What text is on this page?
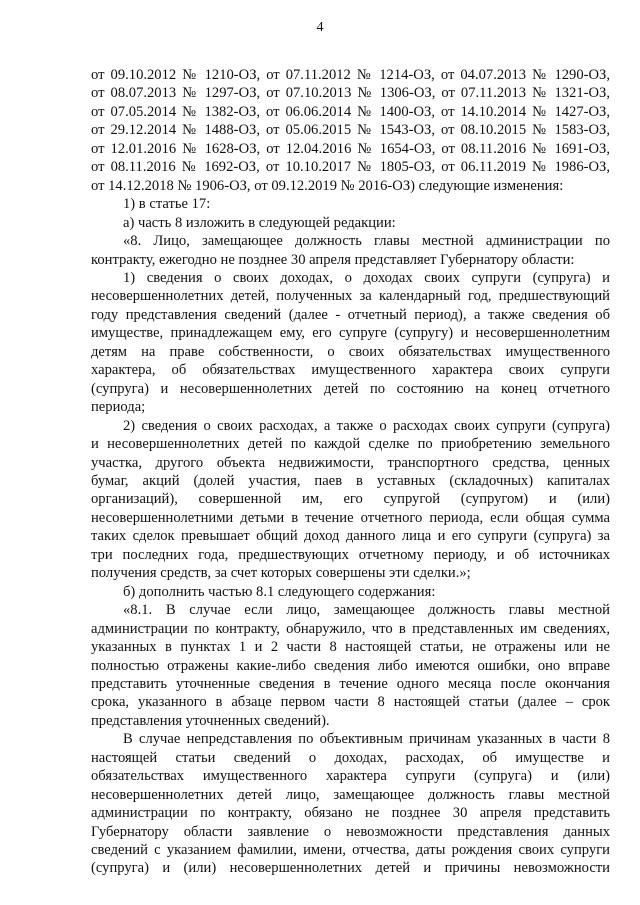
4

от 09.10.2012 № 1210-ОЗ, от 07.11.2012 № 1214-ОЗ, от 04.07.2013 № 1290-ОЗ,

от 08.07.2013 № 1297-ОЗ, от 07.10.2013 № 1306-ОЗ, от 07.11.2013 № 1321-ОЗ,

от 07.05.2014 № 1382-ОЗ, от 06.06.2014 № 1400-ОЗ, от 14.10.2014 № 1427-ОЗ,

от 29.12.2014 № 1488-ОЗ, от 05.06.2015 № 1543-ОЗ, от 08.10.2015 № 1583-ОЗ,

от 12.01.2016 № 1628-ОЗ, от 12.04.2016 № 1654-ОЗ, от 08.11.2016 № 1691-ОЗ,

от 08.11.2016 № 1692-ОЗ, от 10.10.2017 № 1805-ОЗ, от 06.11.2019 № 1986-ОЗ,

от 14.12.2018 № 1906-ОЗ, от 09.12.2019 № 2016-ОЗ) следующие изменения:

1) в статье 17:

а) часть 8 изложить в следующей редакции:

«8. Лицо, замещающее должность главы местной администрации по

контракту, ежегодно не позднее 30 апреля представляет Губернатору области:

1) сведения о своих доходах, о доходах своих супруги (супруга) и

несовершеннолетних детей, полученных за календарный год, предшествующий

году представления сведений (далее - отчетный период), а также сведения об

имуществе, принадлежащем ему, его супруге (супругу) и несовершеннолетним

детям на праве собственности, о своих обязательствах имущественного

характера, об обязательствах имущественного характера своих супруги

(супруга) и несовершеннолетних детей по состоянию на конец отчетного

периода;

2) сведения о своих расходах, а также о расходах своих супруги (супруга)

и несовершеннолетних детей по каждой сделке по приобретению земельного

участка, другого объекта недвижимости, транспортного средства, ценных

бумаг, акций (долей участия, паев в уставных (складочных) капиталах

организаций), совершенной им, его супругой (супругом) и (или)

несовершеннолетними детьми в течение отчетного периода, если общая сумма

таких сделок превышает общий доход данного лица и его супруги (супруга) за

три последних года, предшествующих отчетному периоду, и об источниках

получения средств, за счет которых совершены эти сделки.»;

б) дополнить частью 8.1 следующего содержания:

«8.1. В случае если лицо, замещающее должность главы местной

администрации по контракту, обнаружило, что в представленных им сведениях,

указанных в пунктах 1 и 2 части 8 настоящей статьи, не отражены или не

полностью отражены какие-либо сведения либо имеются ошибки, оно вправе

представить уточненные сведения в течение одного месяца после окончания

срока, указанного в абзаце первом части 8 настоящей статьи (далее – срок

представления уточненных сведений).

В случае непредставления по объективным причинам указанных в части 8

настоящей статьи сведений о доходах, расходах, об имуществе и

обязательствах имущественного характера супруги (супруга) и (или)

несовершеннолетних детей лицо, замещающее должность главы местной

администрации по контракту, обязано не позднее 30 апреля представить

Губернатору области заявление о невозможности представления данных

сведений с указанием фамилии, имени, отчества, даты рождения своих супруги

(супруга) и (или) несовершеннолетних детей и причины невозможности
